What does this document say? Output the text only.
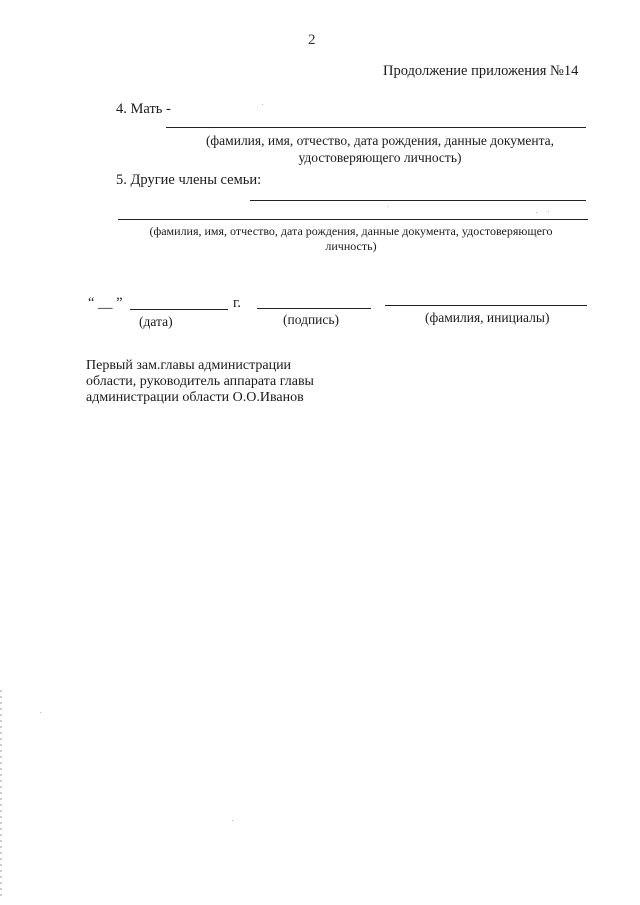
2
Продолжение приложения №14
4. Мать -
(фамилия, имя, отчество, дата рождения, данные документа,
удостоверяющего личность)
5. Другие члены семьи:
(фамилия, имя, отчество, дата рождения, данные документа, удостоверяющего
личность)
“ __ ”	г.
(дата)	(подпись)	(фамилия, инициалы)
Первый зам.главы администрации
области, руководитель аппарата главы
администрации области О.О.Иванов
